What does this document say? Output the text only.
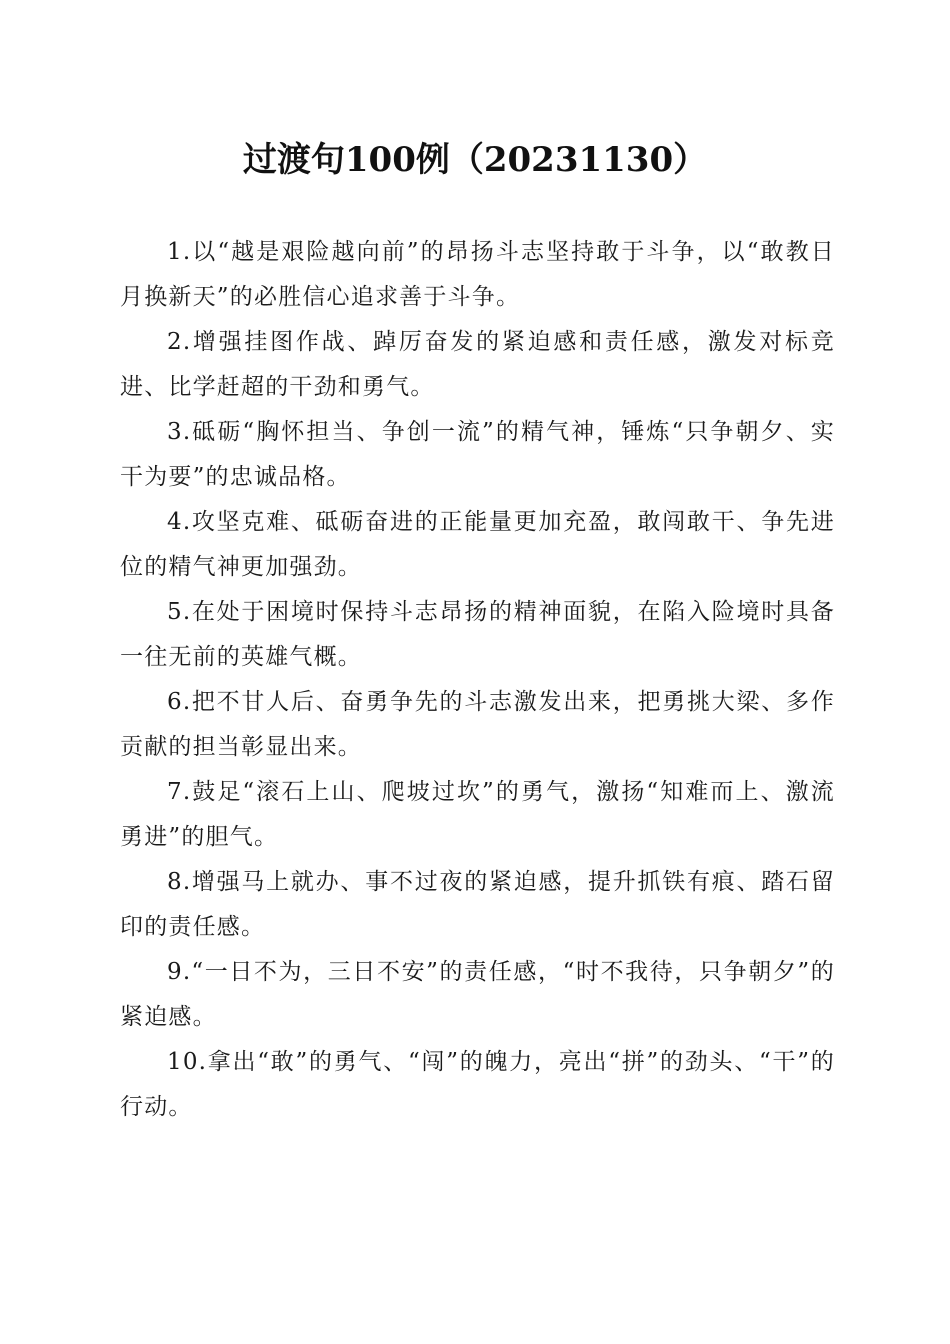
过渡句100例（20231130）

1.以“越是艰险越向前”的昂扬斗志坚持敢于斗争，以“敢教日月换新天”的必胜信心追求善于斗争。

2.增强挂图作战、踔厉奋发的紧迫感和责任感，激发对标竞进、比学赶超的干劲和勇气。

3.砥砺“胸怀担当、争创一流”的精气神，锤炼“只争朝夕、实干为要”的忠诚品格。

4.攻坚克难、砥砺奋进的正能量更加充盈，敢闯敢干、争先进位的精气神更加强劲。

5.在处于困境时保持斗志昂扬的精神面貌，在陷入险境时具备一往无前的英雄气概。

6.把不甘人后、奋勇争先的斗志激发出来，把勇挑大梁、多作贡献的担当彰显出来。

7.鼓足“滚石上山、爬坡过坎”的勇气，激扬“知难而上、激流勇进”的胆气。

8.增强马上就办、事不过夜的紧迫感，提升抓铁有痕、踏石留印的责任感。

9.“一日不为，三日不安”的责任感，“时不我待，只争朝夕”的紧迫感。

10.拿出“敢”的勇气、“闯”的魄力，亮出“拼”的劲头、“干”的行动。
